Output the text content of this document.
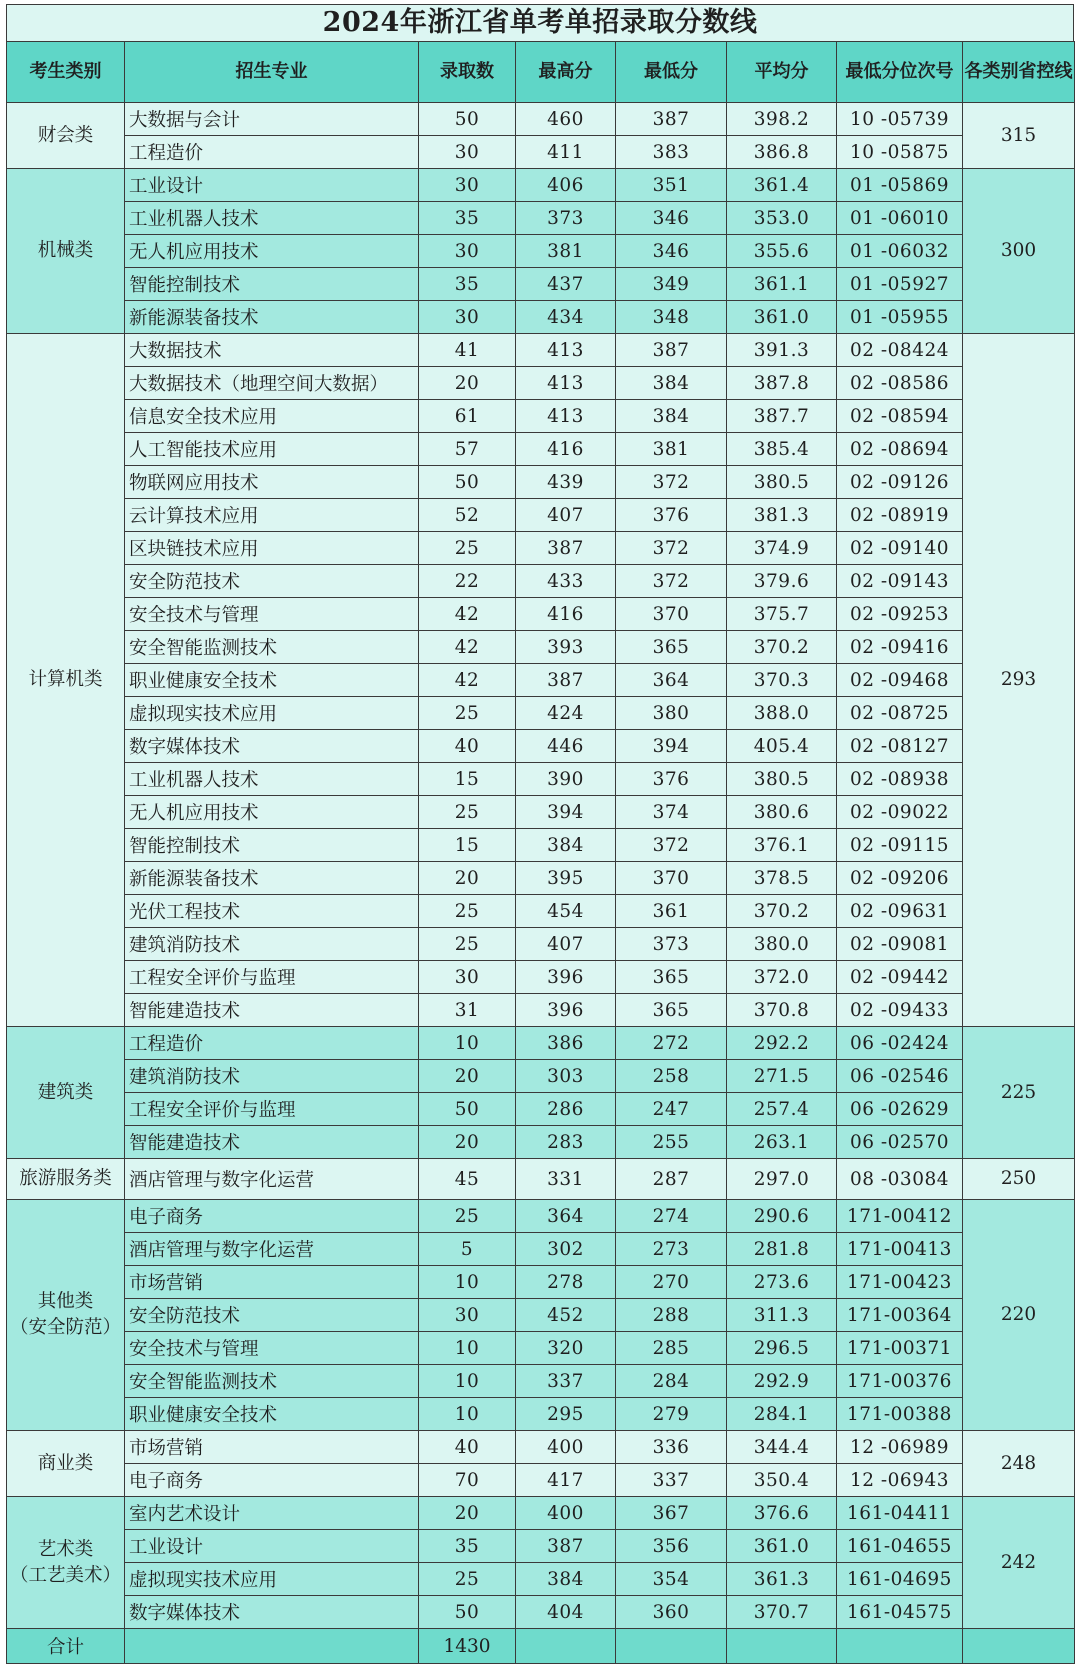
2024年浙江省单考单招录取分数线
考生类别	招生专业	录取数	最高分	最低分	平均分	最低分位次号	各类别省控线
财会类	大数据与会计	50	460	387	398.2	10 -05739	315
	工程造价	30	411	383	386.8	10 -05875	
机械类	工业设计	30	406	351	361.4	01 -05869	300
	工业机器人技术	35	373	346	353.0	01 -06010	
	无人机应用技术	30	381	346	355.6	01 -06032	
	智能控制技术	35	437	349	361.1	01 -05927	
	新能源装备技术	30	434	348	361.0	01 -05955	
计算机类	大数据技术	41	413	387	391.3	02 -08424	293
	大数据技术（地理空间大数据）	20	413	384	387.8	02 -08586	
	信息安全技术应用	61	413	384	387.7	02 -08594	
	人工智能技术应用	57	416	381	385.4	02 -08694	
	物联网应用技术	50	439	372	380.5	02 -09126	
	云计算技术应用	52	407	376	381.3	02 -08919	
	区块链技术应用	25	387	372	374.9	02 -09140	
	安全防范技术	22	433	372	379.6	02 -09143	
	安全技术与管理	42	416	370	375.7	02 -09253	
	安全智能监测技术	42	393	365	370.2	02 -09416	
	职业健康安全技术	42	387	364	370.3	02 -09468	
	虚拟现实技术应用	25	424	380	388.0	02 -08725	
	数字媒体技术	40	446	394	405.4	02 -08127	
	工业机器人技术	15	390	376	380.5	02 -08938	
	无人机应用技术	25	394	374	380.6	02 -09022	
	智能控制技术	15	384	372	376.1	02 -09115	
	新能源装备技术	20	395	370	378.5	02 -09206	
	光伏工程技术	25	454	361	370.2	02 -09631	
	建筑消防技术	25	407	373	380.0	02 -09081	
	工程安全评价与监理	30	396	365	372.0	02 -09442	
	智能建造技术	31	396	365	370.8	02 -09433	
建筑类	工程造价	10	386	272	292.2	06 -02424	225
	建筑消防技术	20	303	258	271.5	06 -02546	
	工程安全评价与监理	50	286	247	257.4	06 -02629	
	智能建造技术	20	283	255	263.1	06 -02570	
旅游服务类	酒店管理与数字化运营	45	331	287	297.0	08 -03084	250
其他类
（安全防范）	电子商务	25	364	274	290.6	171-00412	220
	酒店管理与数字化运营	5	302	273	281.8	171-00413	
	市场营销	10	278	270	273.6	171-00423	
	安全防范技术	30	452	288	311.3	171-00364	
	安全技术与管理	10	320	285	296.5	171-00371	
	安全智能监测技术	10	337	284	292.9	171-00376	
	职业健康安全技术	10	295	279	284.1	171-00388	
商业类	市场营销	40	400	336	344.4	12 -06989	248
	电子商务	70	417	337	350.4	12 -06943	
艺术类
（工艺美术）	室内艺术设计	20	400	367	376.6	161-04411	242
	工业设计	35	387	356	361.0	161-04655	
	虚拟现实技术应用	25	384	354	361.3	161-04695	
	数字媒体技术	50	404	360	370.7	161-04575	
合计		1430					
